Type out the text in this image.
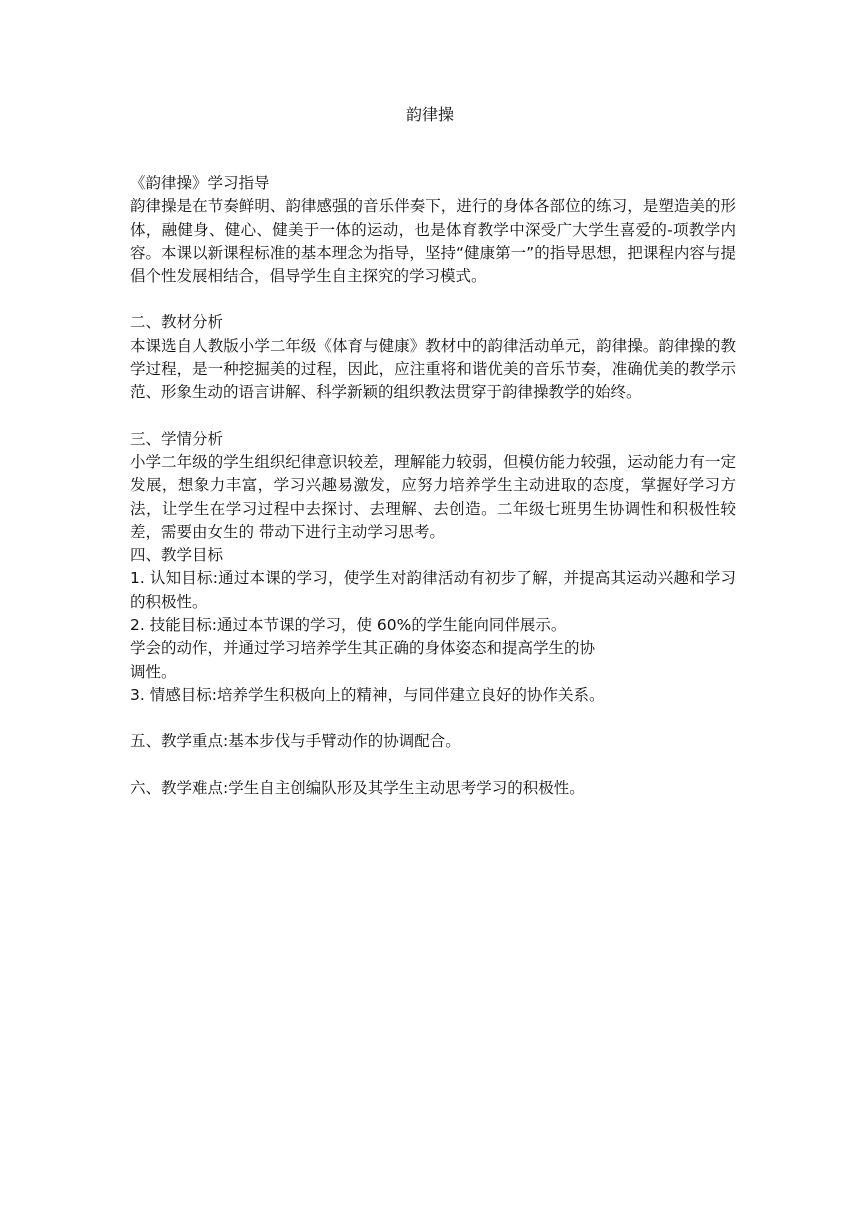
韵律操
《韵律操》学习指导
韵律操是在节奏鲜明、韵律感强的音乐伴奏下，进行的身体各部位的练习，是塑造美的形体，融健身、健心、健美于一体的运动，也是体育教学中深受广大学生喜爱的-项教学内容。本课以新课程标准的基本理念为指导，坚持“健康第一”的指导思想，把课程内容与提倡个性发展相结合，倡导学生自主探究的学习模式。
二、教材分析
本课选自人教版小学二年级《体育与健康》教材中的韵律活动单元，韵律操。韵律操的教学过程，是一种挖掘美的过程，因此，应注重将和谐优美的音乐节奏，准确优美的教学示范、形象生动的语言讲解、科学新颖的组织教法贯穿于韵律操教学的始终。
三、学情分析
小学二年级的学生组织纪律意识较差，理解能力较弱，但模仿能力较强，运动能力有一定发展，想象力丰富，学习兴趣易激发，应努力培养学生主动进取的态度，掌握好学习方法，让学生在学习过程中去探讨、去理解、去创造。二年级七班男生协调性和积极性较差，需要由女生的 带动下进行主动学习思考。
四、教学目标
1. 认知目标:通过本课的学习，使学生对韵律活动有初步了解，并提高其运动兴趣和学习的积极性。
2. 技能目标:通过本节课的学习，使 60%的学生能向同伴展示。
学会的动作，并通过学习培养学生其正确的身体姿态和提高学生的协
调性。
3. 情感目标:培养学生积极向上的精神，与同伴建立良好的协作关系。
五、教学重点:基本步伐与手臂动作的协调配合。
六、教学难点:学生自主创编队形及其学生主动思考学习的积极性。
